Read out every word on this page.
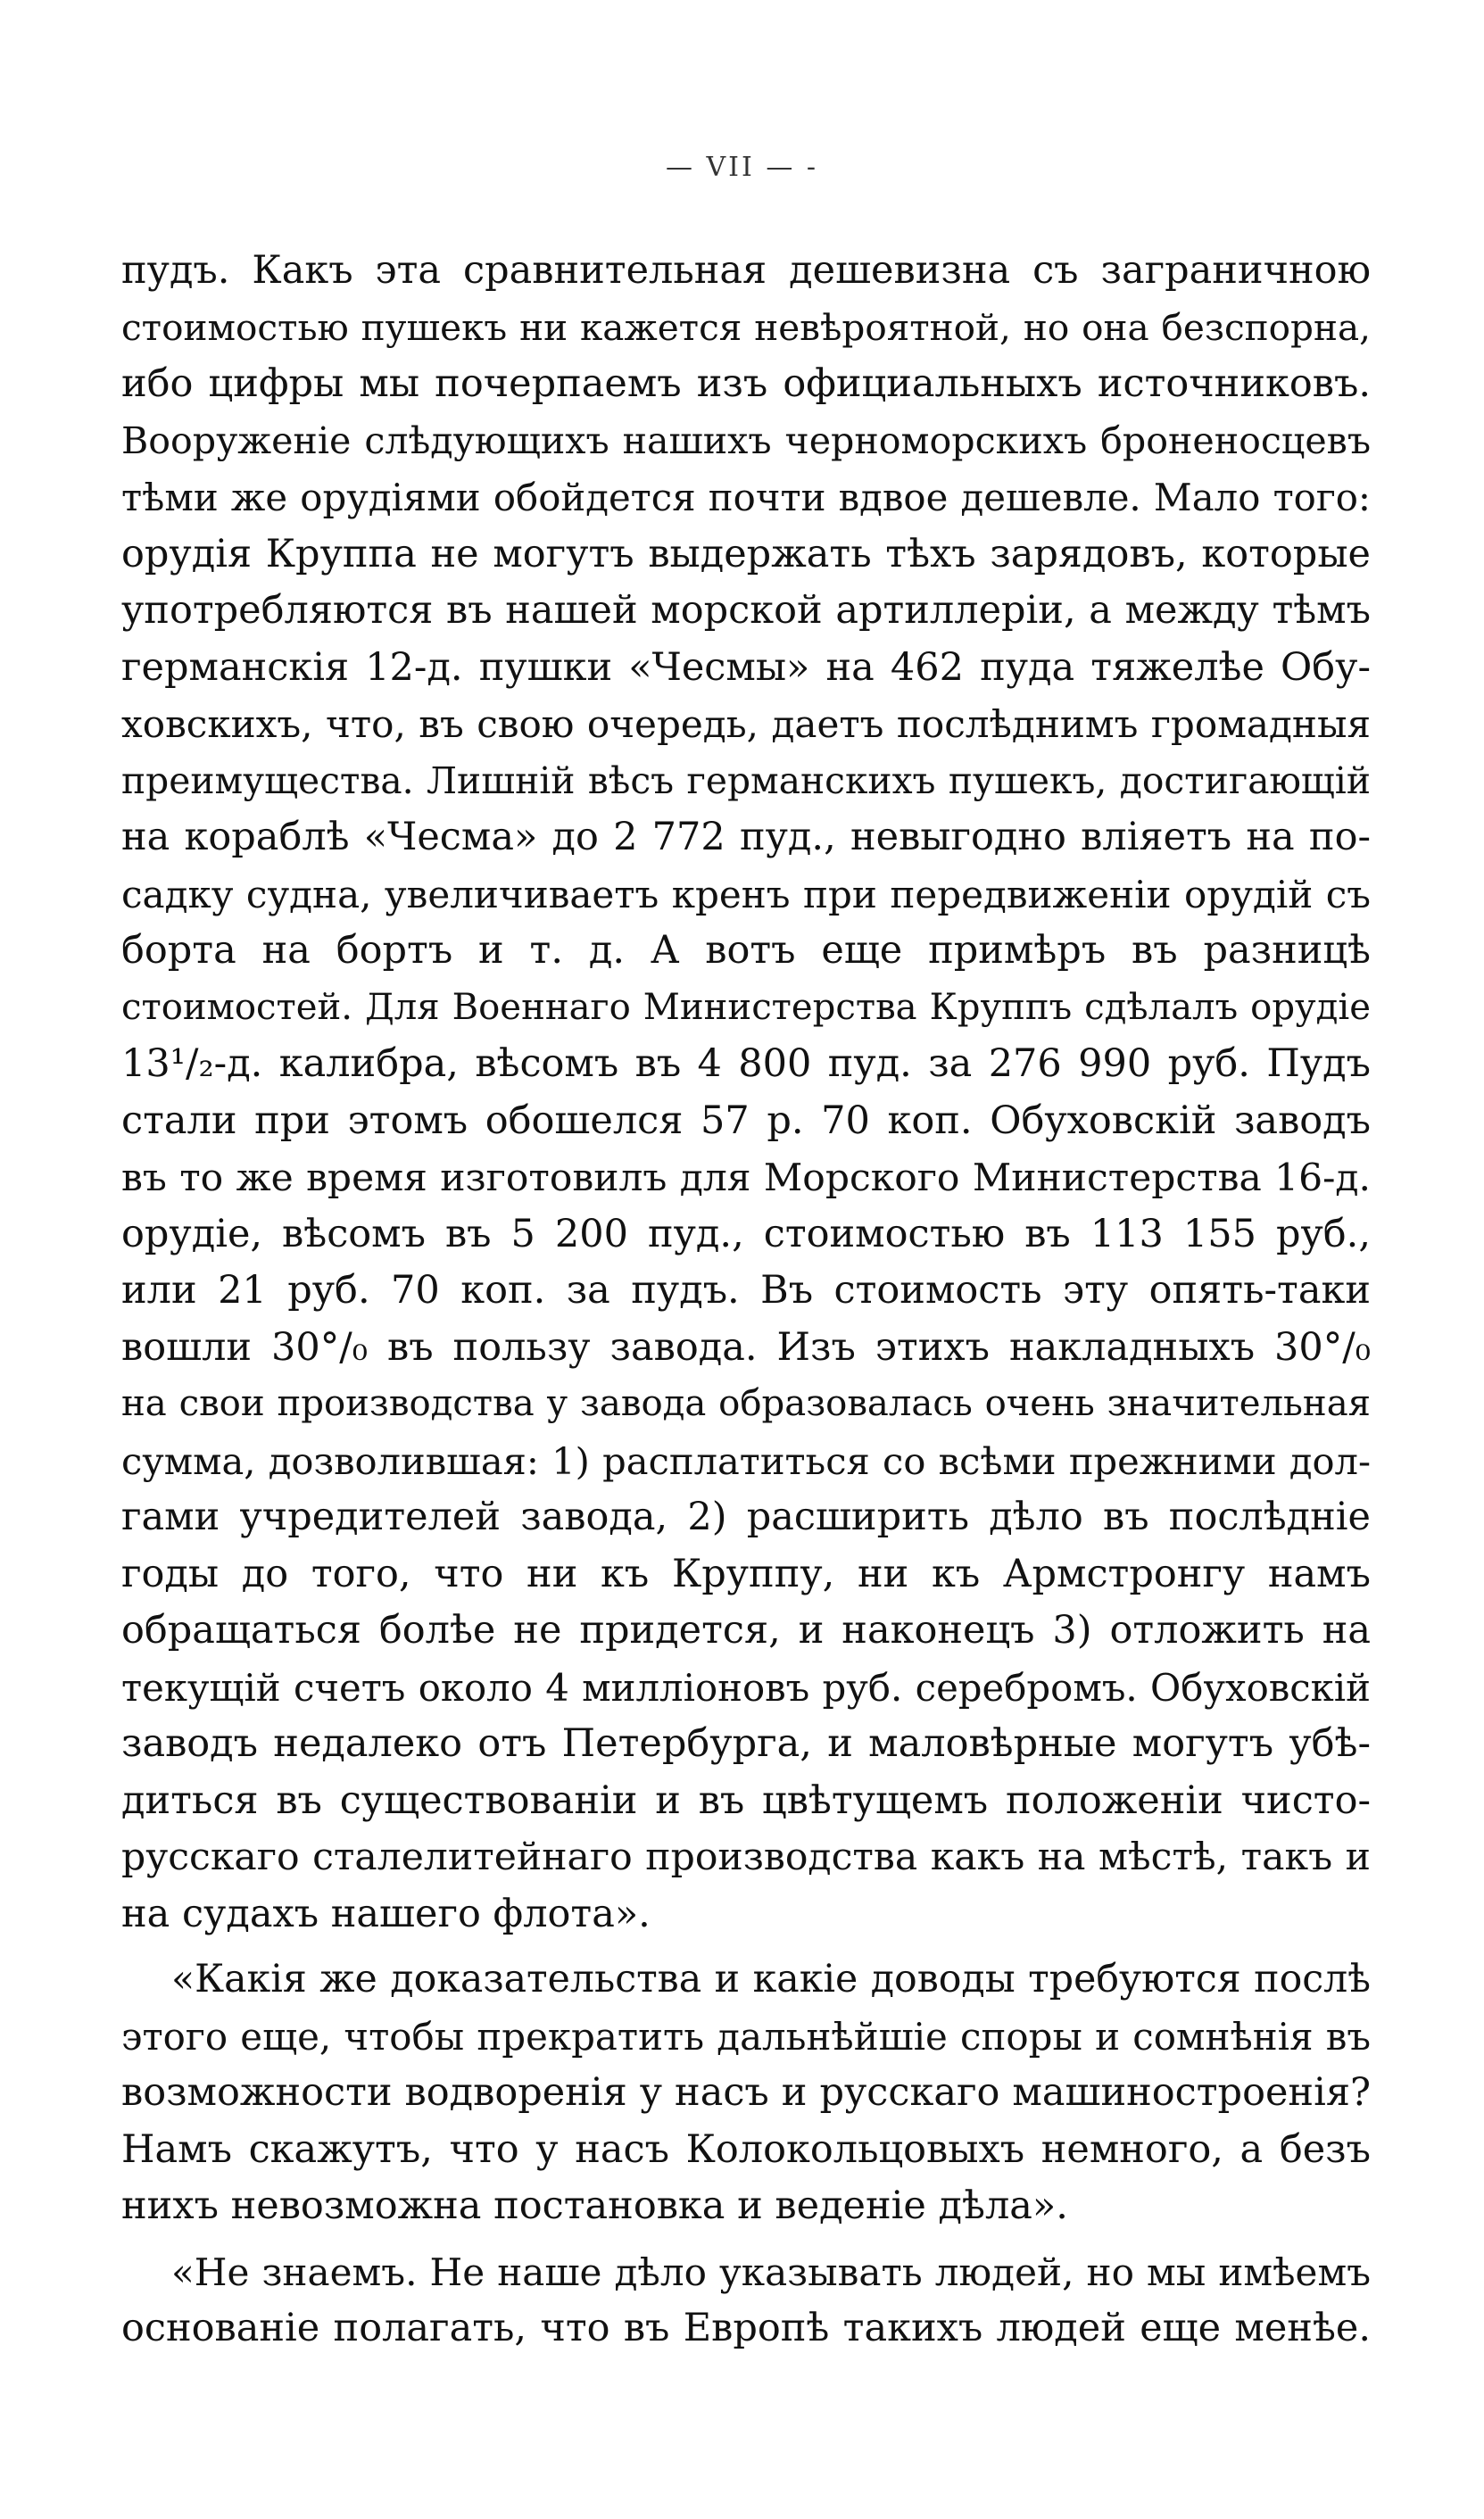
— VII — -
пудъ. Какъ эта сравнительная дешевизна съ заграничною
стоимостью пушекъ ни кажется невѣроятной, но она безспорна,
ибо цифры мы почерпаемъ изъ официальныхъ источниковъ.
Вооруженіе слѣдующихъ нашихъ черноморскихъ броненосцевъ
тѣми же орудіями обойдется почти вдвое дешевле. Мало того:
орудія Круппа не могутъ выдержать тѣхъ зарядовъ, которые
употребляются въ нашей морской артиллеріи, а между тѣмъ
германскія 12-д. пушки «Чесмы» на 462 пуда тяжелѣе Обу-
ховскихъ, что, въ свою очередь, даетъ послѣднимъ громадныя
преимущества. Лишній вѣсъ германскихъ пушекъ, достигающій
на кораблѣ «Чесма» до 2 772 пуд., невыгодно вліяетъ на по-
садку судна, увеличиваетъ кренъ при передвиженіи орудій съ
борта на бортъ и т. д. А вотъ еще примѣръ въ разницѣ
стоимостей. Для Военнаго Министерства Круппъ сдѣлалъ орудіе
13¹/₂-д. калибра, вѣсомъ въ 4 800 пуд. за 276 990 руб. Пудъ
стали при этомъ обошелся 57 р. 70 коп. Обуховскій заводъ
въ то же время изготовилъ для Морского Министерства 16-д.
орудіе, вѣсомъ въ 5 200 пуд., стоимостью въ 113 155 руб.,
или 21 руб. 70 коп. за пудъ. Въ стоимость эту опять-таки
вошли 30°/₀ въ пользу завода. Изъ этихъ накладныхъ 30°/₀
на свои производства у завода образовалась очень значительная
сумма, дозволившая: 1) расплатиться со всѣми прежними дол-
гами учредителей завода, 2) расширить дѣло въ послѣдніе
годы до того, что ни къ Круппу, ни къ Армстронгу намъ
обращаться болѣе не придется, и наконецъ 3) отложить на
текущій счетъ около 4 милліоновъ руб. серебромъ. Обуховскій
заводъ недалеко отъ Петербурга, и маловѣрные могутъ убѣ-
диться въ существованіи и въ цвѣтущемъ положеніи чисто-
русскаго сталелитейнаго производства какъ на мѣстѣ, такъ и
на судахъ нашего флота».
«Какія же доказательства и какіе доводы требуются послѣ
этого еще, чтобы прекратить дальнѣйшіе споры и сомнѣнія въ
возможности водворенія у насъ и русскаго машиностроенія?
Намъ скажутъ, что у насъ Колокольцовыхъ немного, а безъ
нихъ невозможна постановка и веденіе дѣла».
«Не знаемъ. Не наше дѣло указывать людей, но мы имѣемъ
основаніе полагать, что въ Европѣ такихъ людей еще менѣе.
